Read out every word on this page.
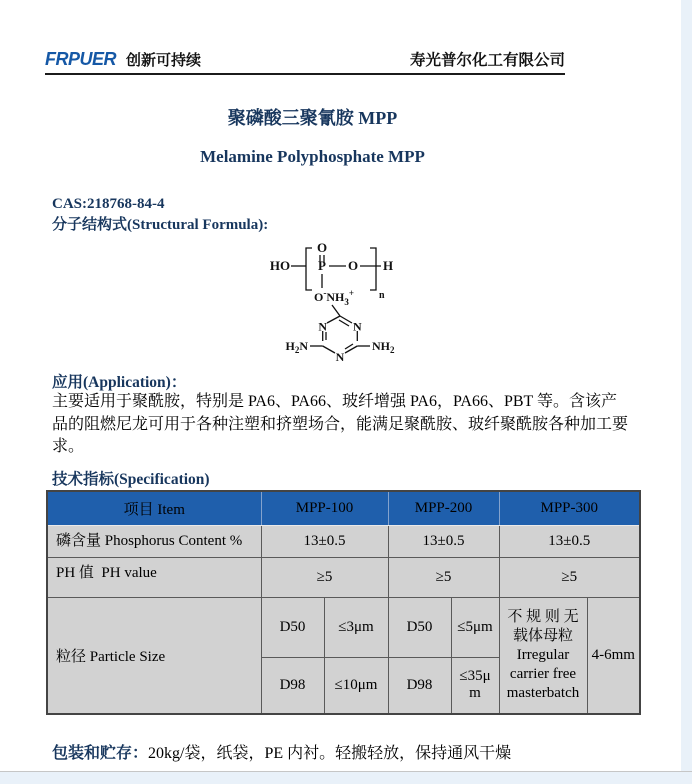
FRPUER 创新可持续	寿光普尔化工有限公司
聚磷酸三聚氰胺 MPP
Melamine Polyphosphate MPP
CAS:218768-84-4
分子结构式(Structural Formula):
HO
O
P O H
n
$O^-NH_3^+$
N N
N
$H_2N$	$NH_2$
应用(Application)：
主要适用于聚酰胺，特别是 PA6、PA66、玻纤增强 PA6，PA66、PBT 等。含该产品的阻燃尼龙可用于各种注塑和挤塑场合，能满足聚酰胺、玻纤聚酰胺各种加工要求。
技术指标(Specification)
项目 Item	MPP-100		MPP-200		MPP-300	
磷含量 Phosphorus Content %	13±0.5		13±0.5		13±0.5	
PH 值  PH value	≥5		≥5		≥5	
粒径 Particle Size	D50	≤3μm	D50	≤5μm	不 规 则 无 载体母粒
Irregular carrier free masterbatch	4-6mm
	D98	≤10μm	D98	≤35μm		
包装和贮存：20kg/袋，纸袋，PE 内衬。轻搬轻放，保持通风干燥
